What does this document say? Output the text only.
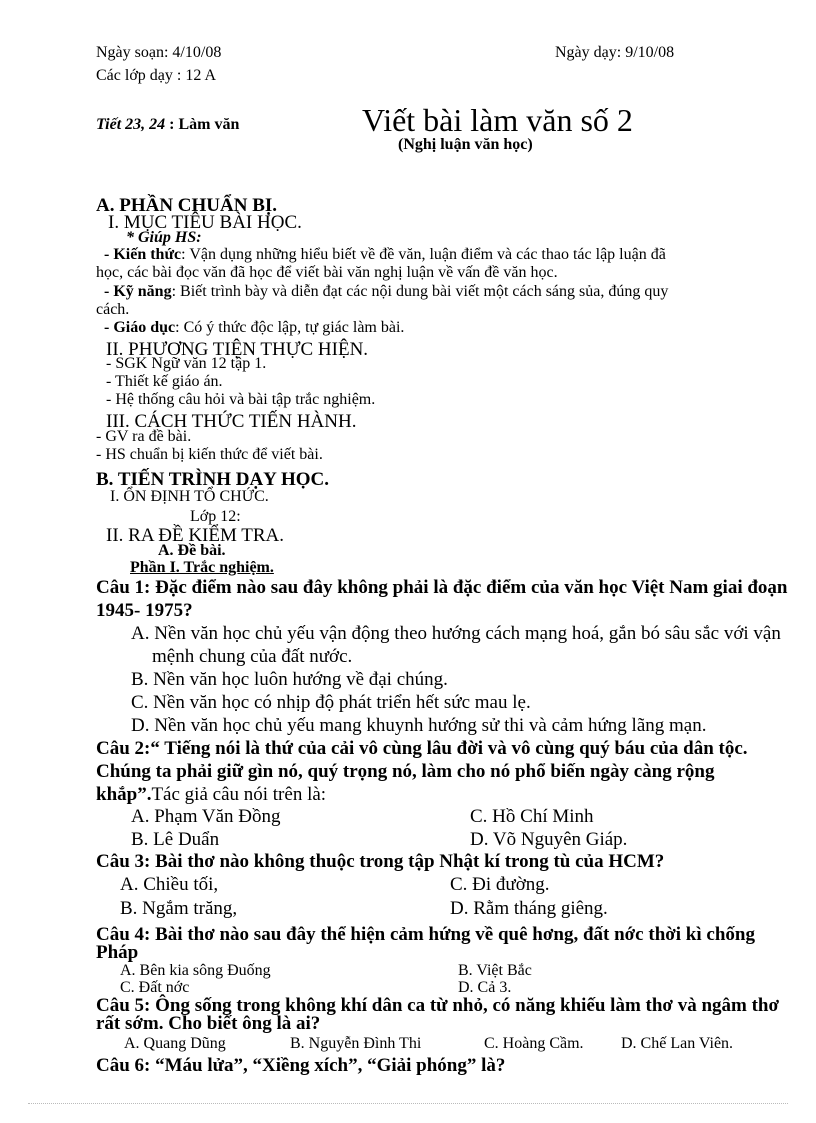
Ngày soạn: 4/10/08	Ngày dạy: 9/10/08
Các lớp dạy : 12 A
Tiết 23, 24 : Làm văn	Viết bài làm văn số 2
(Nghị luận văn học)
A. PHẦN CHUẨN BỊ.
I. MỤC TIÊU BÀI HỌC.
* Giúp HS:
- Kiến thức: Vận dụng những hiểu biết về đề văn, luận điểm và các thao tác lập luận đã
học, các bài đọc văn đã học để viết bài văn nghị luận về vấn đề văn học.
- Kỹ năng: Biết trình bày và diễn đạt các nội dung bài viết một cách sáng sủa, đúng quy
cách.
- Giáo dục: Có ý thức độc lập, tự giác làm bài.
II. PHƯƠNG TIỆN THỰC HIỆN.
- SGK Ngữ văn 12 tập 1.
- Thiết kế giáo án.
- Hệ thống câu hỏi và bài tập trắc nghiệm.
III. CÁCH THỨC TIẾN HÀNH.
- GV ra đề bài.
- HS chuẩn bị kiến thức để viết bài.
B. TIẾN TRÌNH DẠY HỌC.
I. ỔN ĐỊNH TỔ CHỨC.
Lớp 12:
II. RA ĐỀ KIỂM TRA.
A. Đề bài.
Phần I. Trắc nghiệm.
Câu 1: Đặc điểm nào sau đây không phải là đặc điểm của văn học Việt Nam giai đoạn
1945- 1975?
A. Nền văn học chủ yếu vận động theo hướng cách mạng hoá, gắn bó sâu sắc với vận
mệnh chung của đất nước.
B. Nền văn học luôn hướng về đại chúng.
C. Nền văn học có nhịp độ phát triển hết sức mau lẹ.
D. Nền văn học chủ yếu mang khuynh hướng sử thi và cảm hứng lãng mạn.
Câu 2:“ Tiếng nói là thứ của cải vô cùng lâu đời và vô cùng quý báu của dân tộc.
Chúng ta phải giữ gìn nó, quý trọng nó, làm cho nó phổ biến ngày càng rộng
khắp”.Tác giả câu nói trên là:
A. Phạm Văn Đồng	C. Hồ Chí Minh
B. Lê Duẩn	D. Võ Nguyên Giáp.
Câu 3: Bài thơ nào không thuộc trong tập Nhật kí trong tù của HCM?
A. Chiều tối,	C. Đi đường.
B. Ngắm trăng,	D. Rằm tháng giêng.
Câu 4: Bài thơ nào sau đây thể hiện cảm hứng về quê hơng, đất nớc thời kì chống
Pháp
A. Bên kia sông Đuống	B. Việt Bắc
C. Đất nớc	D. Cả 3.
Câu 5: Ông sống trong không khí dân ca từ nhỏ, có năng khiếu làm thơ và ngâm thơ
rất sớm. Cho biết ông là ai?
A. Quang Dũng	B. Nguyễn Đình Thi	C. Hoàng Cầm. D. Chế Lan Viên.
Câu 6: “Máu lửa”, “Xiềng xích”, “Giải phóng” là?
